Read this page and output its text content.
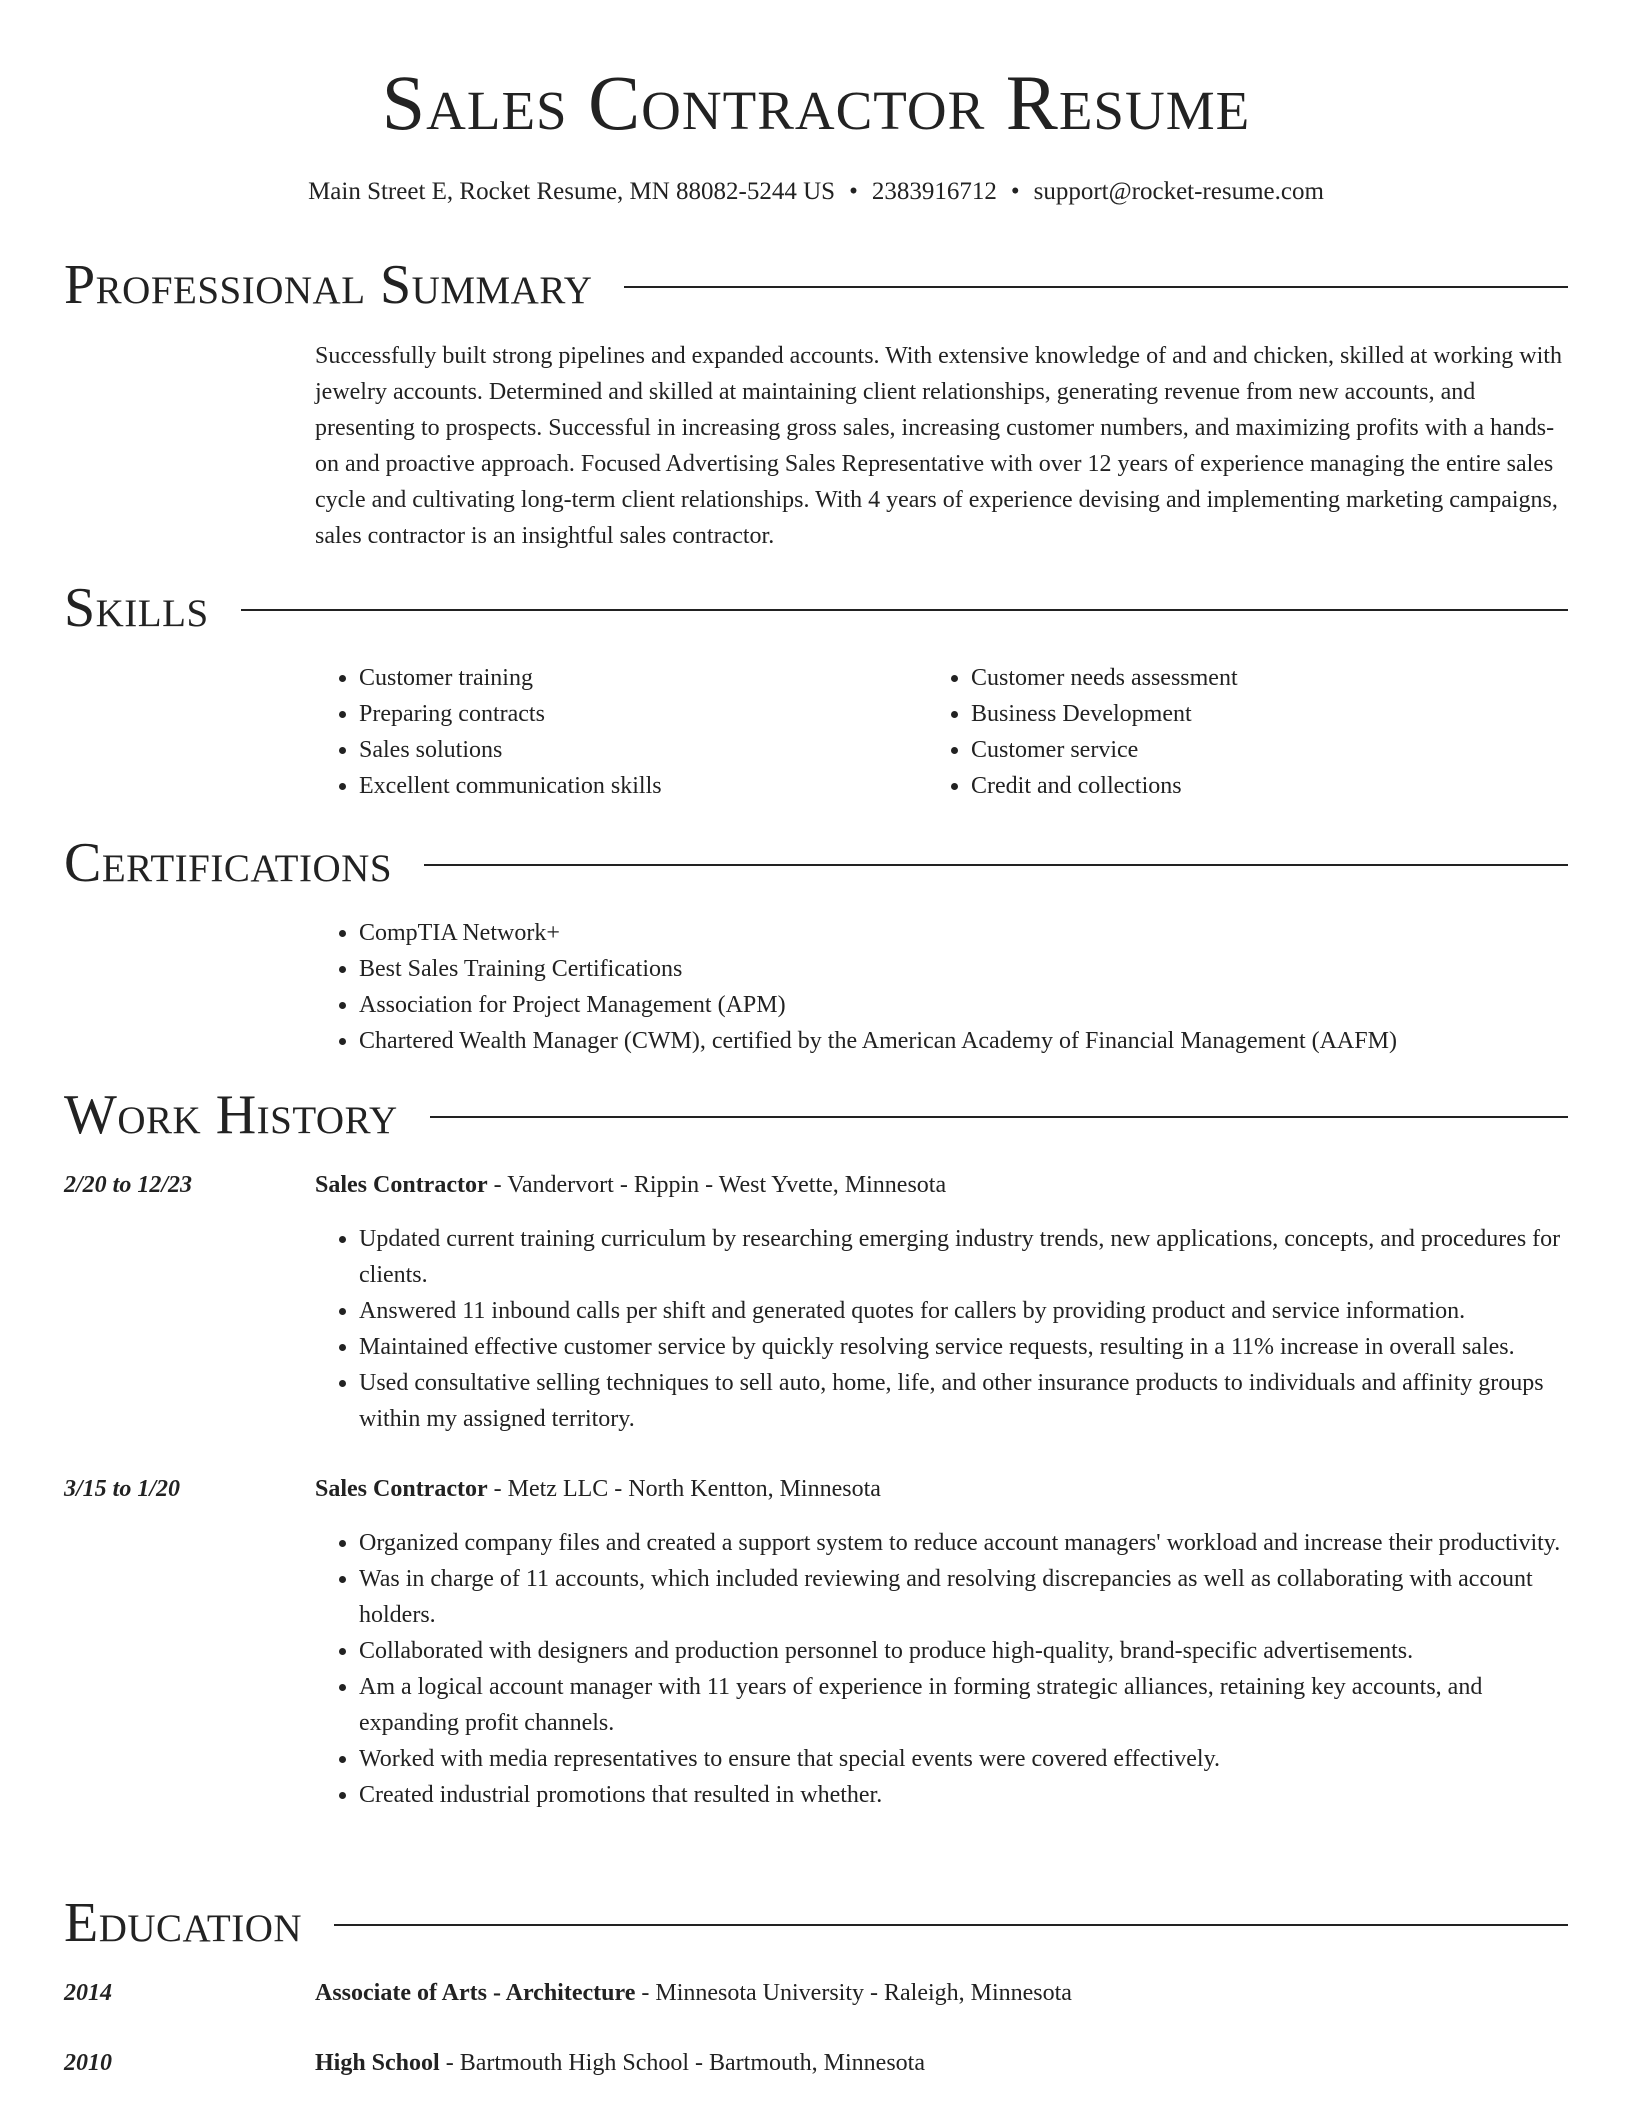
Sales Contractor Resume
Main Street E, Rocket Resume, MN 88082-5244 US • 2383916712 • support@rocket-resume.com
Professional Summary
Successfully built strong pipelines and expanded accounts. With extensive knowledge of and and chicken, skilled at working with jewelry accounts. Determined and skilled at maintaining client relationships, generating revenue from new accounts, and presenting to prospects. Successful in increasing gross sales, increasing customer numbers, and maximizing profits with a hands-on and proactive approach. Focused Advertising Sales Representative with over 12 years of experience managing the entire sales cycle and cultivating long-term client relationships. With 4 years of experience devising and implementing marketing campaigns, sales contractor is an insightful sales contractor.
Skills
• Customer training
• Preparing contracts
• Sales solutions
• Excellent communication skills
• Customer needs assessment
• Business Development
• Customer service
• Credit and collections
Certifications
• CompTIA Network+
• Best Sales Training Certifications
• Association for Project Management (APM)
• Chartered Wealth Manager (CWM), certified by the American Academy of Financial Management (AAFM)
Work History
2/20 to 12/23	Sales Contractor - Vandervort - Rippin - West Yvette, Minnesota
• Updated current training curriculum by researching emerging industry trends, new applications, concepts, and procedures for clients.
• Answered 11 inbound calls per shift and generated quotes for callers by providing product and service information.
• Maintained effective customer service by quickly resolving service requests, resulting in a 11% increase in overall sales.
• Used consultative selling techniques to sell auto, home, life, and other insurance products to individuals and affinity groups within my assigned territory.
3/15 to 1/20	Sales Contractor - Metz LLC - North Kentton, Minnesota
• Organized company files and created a support system to reduce account managers' workload and increase their productivity.
• Was in charge of 11 accounts, which included reviewing and resolving discrepancies as well as collaborating with account holders.
• Collaborated with designers and production personnel to produce high-quality, brand-specific advertisements.
• Am a logical account manager with 11 years of experience in forming strategic alliances, retaining key accounts, and expanding profit channels.
• Worked with media representatives to ensure that special events were covered effectively.
• Created industrial promotions that resulted in whether.
Education
2014	Associate of Arts - Architecture - Minnesota University - Raleigh, Minnesota
2010	High School - Bartmouth High School - Bartmouth, Minnesota
